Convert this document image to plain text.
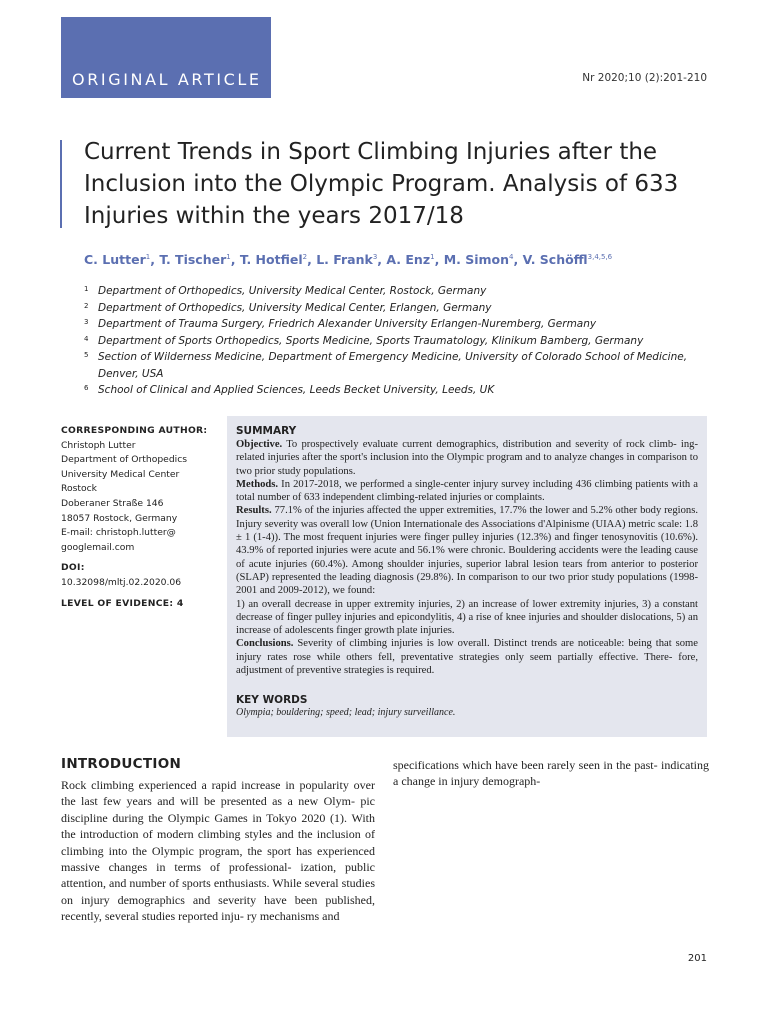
ORIGINAL ARTICLE	Nr 2020;10 (2):201-210
Current Trends in Sport Climbing Injuries after the Inclusion into the Olympic Program. Analysis of 633 Injuries within the years 2017/18
C. Lutter$^1$, T. Tischer$^1$, T. Hotfiel$^2$, L. Frank$^3$, A. Enz$^1$, M. Simon$^4$, V. Schöffl$^{3,4,5,6}$
1 Department of Orthopedics, University Medical Center, Rostock, Germany
2 Department of Orthopedics, University Medical Center, Erlangen, Germany
3 Department of Trauma Surgery, Friedrich Alexander University Erlangen-Nuremberg, Germany
4 Department of Sports Orthopedics, Sports Medicine, Sports Traumatology, Klinikum Bamberg, Germany
5 Section of Wilderness Medicine, Department of Emergency Medicine, University of Colorado School of Medicine, Denver, USA
6 School of Clinical and Applied Sciences, Leeds Becket University, Leeds, UK
CORRESPONDING AUTHOR:
Christoph Lutter
Department of Orthopedics
University Medical Center
Rostock
Doberaner Straße 146
18057 Rostock, Germany
E-mail: christoph.lutter@
googlemail.com
DOI:
10.32098/mltj.02.2020.06
LEVEL OF EVIDENCE: 4
SUMMARY

Objective. To prospectively evaluate current demographics, distribution and severity of rock climb- ing-related injuries after the sport's inclusion into the Olympic program and to analyze changes in comparison to two prior study populations.

Methods. In 2017-2018, we performed a single-center injury survey including 436 climbing patients with a total number of 633 independent climbing-related injuries or complaints.

Results. 77.1% of the injuries affected the upper extremities, 17.7% the lower and 5.2% other body regions. Injury severity was overall low (Union Internationale des Associations d'Alpinisme (UIAA) metric scale: 1.8 ± 1 (1-4)). The most frequent injuries were finger pulley injuries (12.3%) and finger tenosynovitis (10.6%). 43.9% of reported injuries were acute and 56.1% were chronic. Bouldering accidents were the leading cause of acute injuries (60.4%). Among shoulder injuries, superior labral lesion tears from anterior to posterior (SLAP) represented the leading diagnosis (29.8%). In comparison to our two prior study populations (1998-2001 and 2009-2012), we found:

1) an overall decrease in upper extremity injuries, 2) an increase of lower extremity injuries, 3) a constant decrease of finger pulley injuries and epicondylitis, 4) a rise of knee injuries and shoulder dislocations, 5) an increase of adolescents finger growth plate injuries.

Conclusions. Severity of climbing injuries is low overall. Distinct trends are noticeable: being that some injury rates rose while others fell, preventative strategies only seem partially effective. There- fore, adjustment of preventive strategies is required.

KEY WORDS
Olympia; bouldering; speed; lead; injury surveillance.
INTRODUCTION

Rock climbing experienced a rapid increase in popularity over the last few years and will be presented as a new Olym- pic discipline during the Olympic Games in Tokyo 2020 (1). With the introduction of modern climbing styles and the inclusion of climbing into the Olympic program, the sport has experienced massive changes in terms of professional- ization, public attention, and number of sports enthusiasts. While several studies on injury demographics and severity have been published, recently, several studies reported inju- ry mechanisms and

specifications which have been rarely seen in the past- indicating a change in injury demograph-

201
